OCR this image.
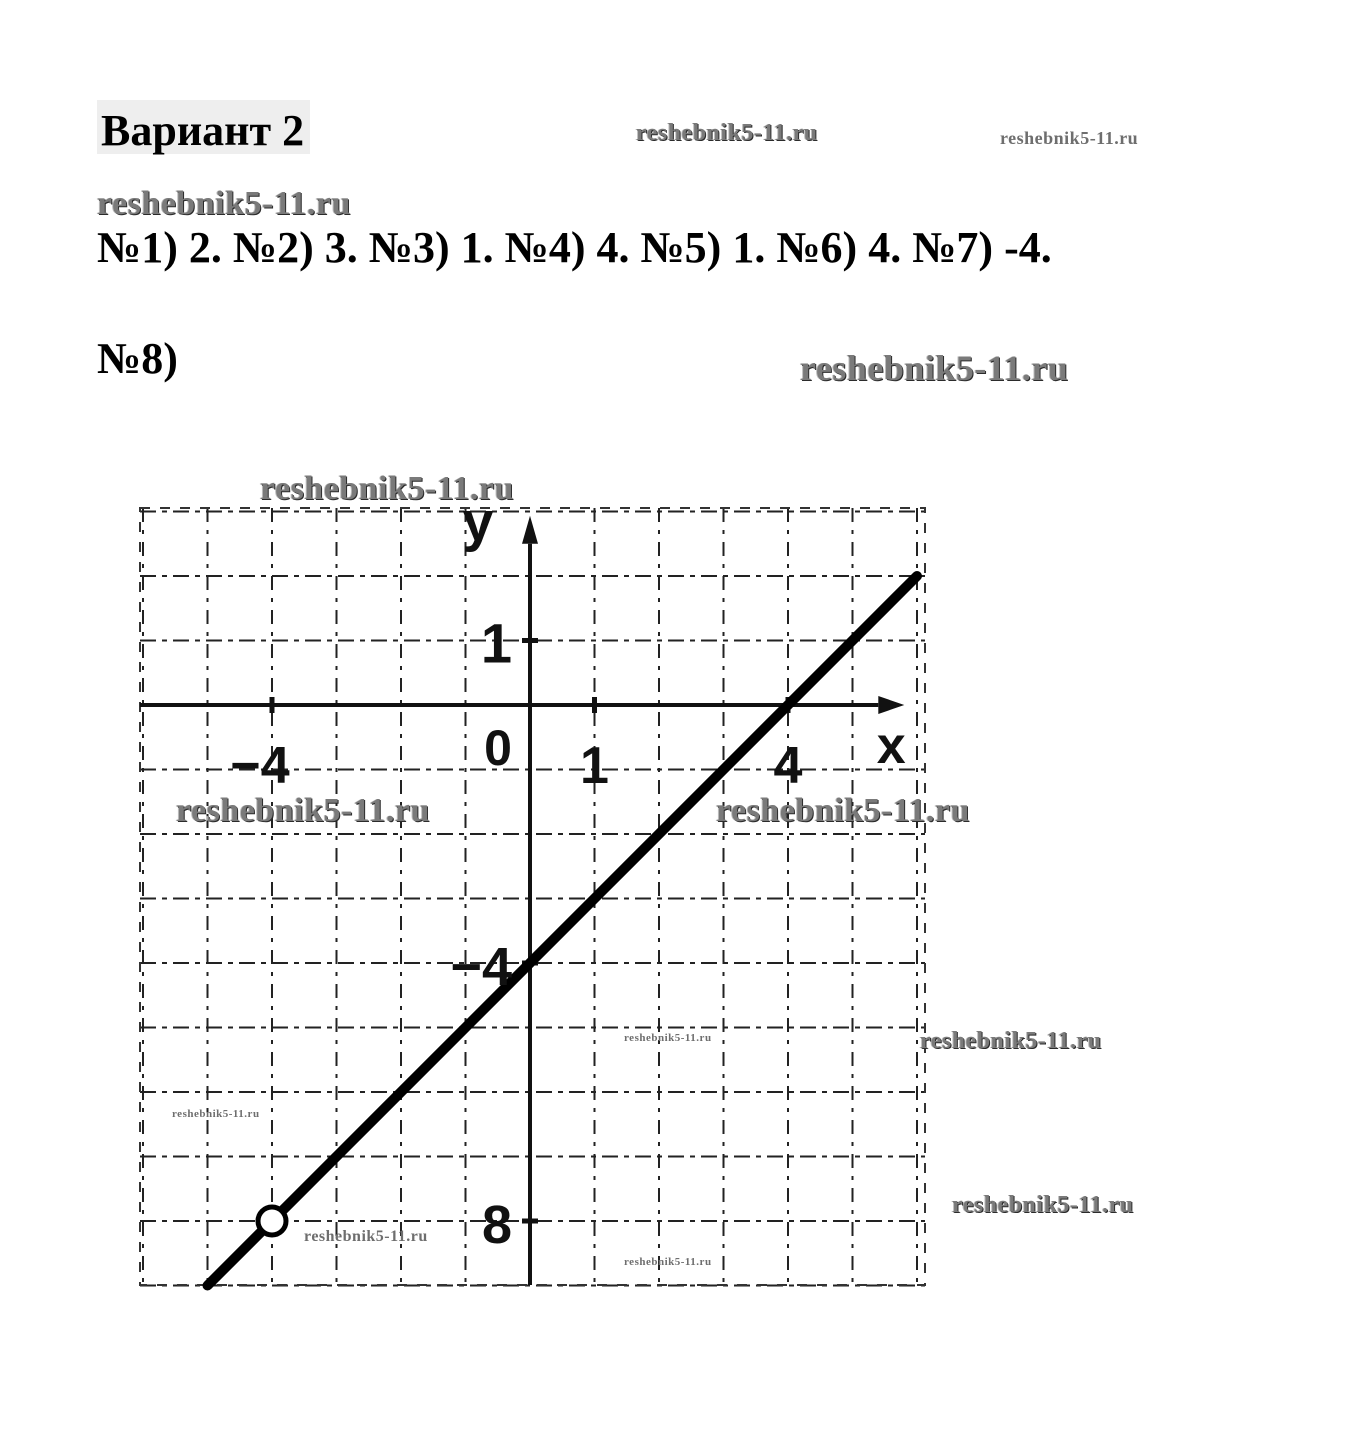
Вариант 2	reshebnik5-11.ru	reshebnik5-11.ru
reshebnik5-11.ru
№1) 2. №2) 3. №3) 1. №4) 4. №5) 1. №6) 4. №7) -4.
№8)	reshebnik5-11.ru
−4	1	4
1
−4
8
0	x
y
reshebnik5-11.ru
reshebnik5-11.ru	reshebnik5-11.ru
reshebnik5-11.ru
reshebnik5-11.ru
reshebnik5-11.ru
reshebnik5-11.ru
reshebnik5-11.ru
reshebnik5-11.ru
